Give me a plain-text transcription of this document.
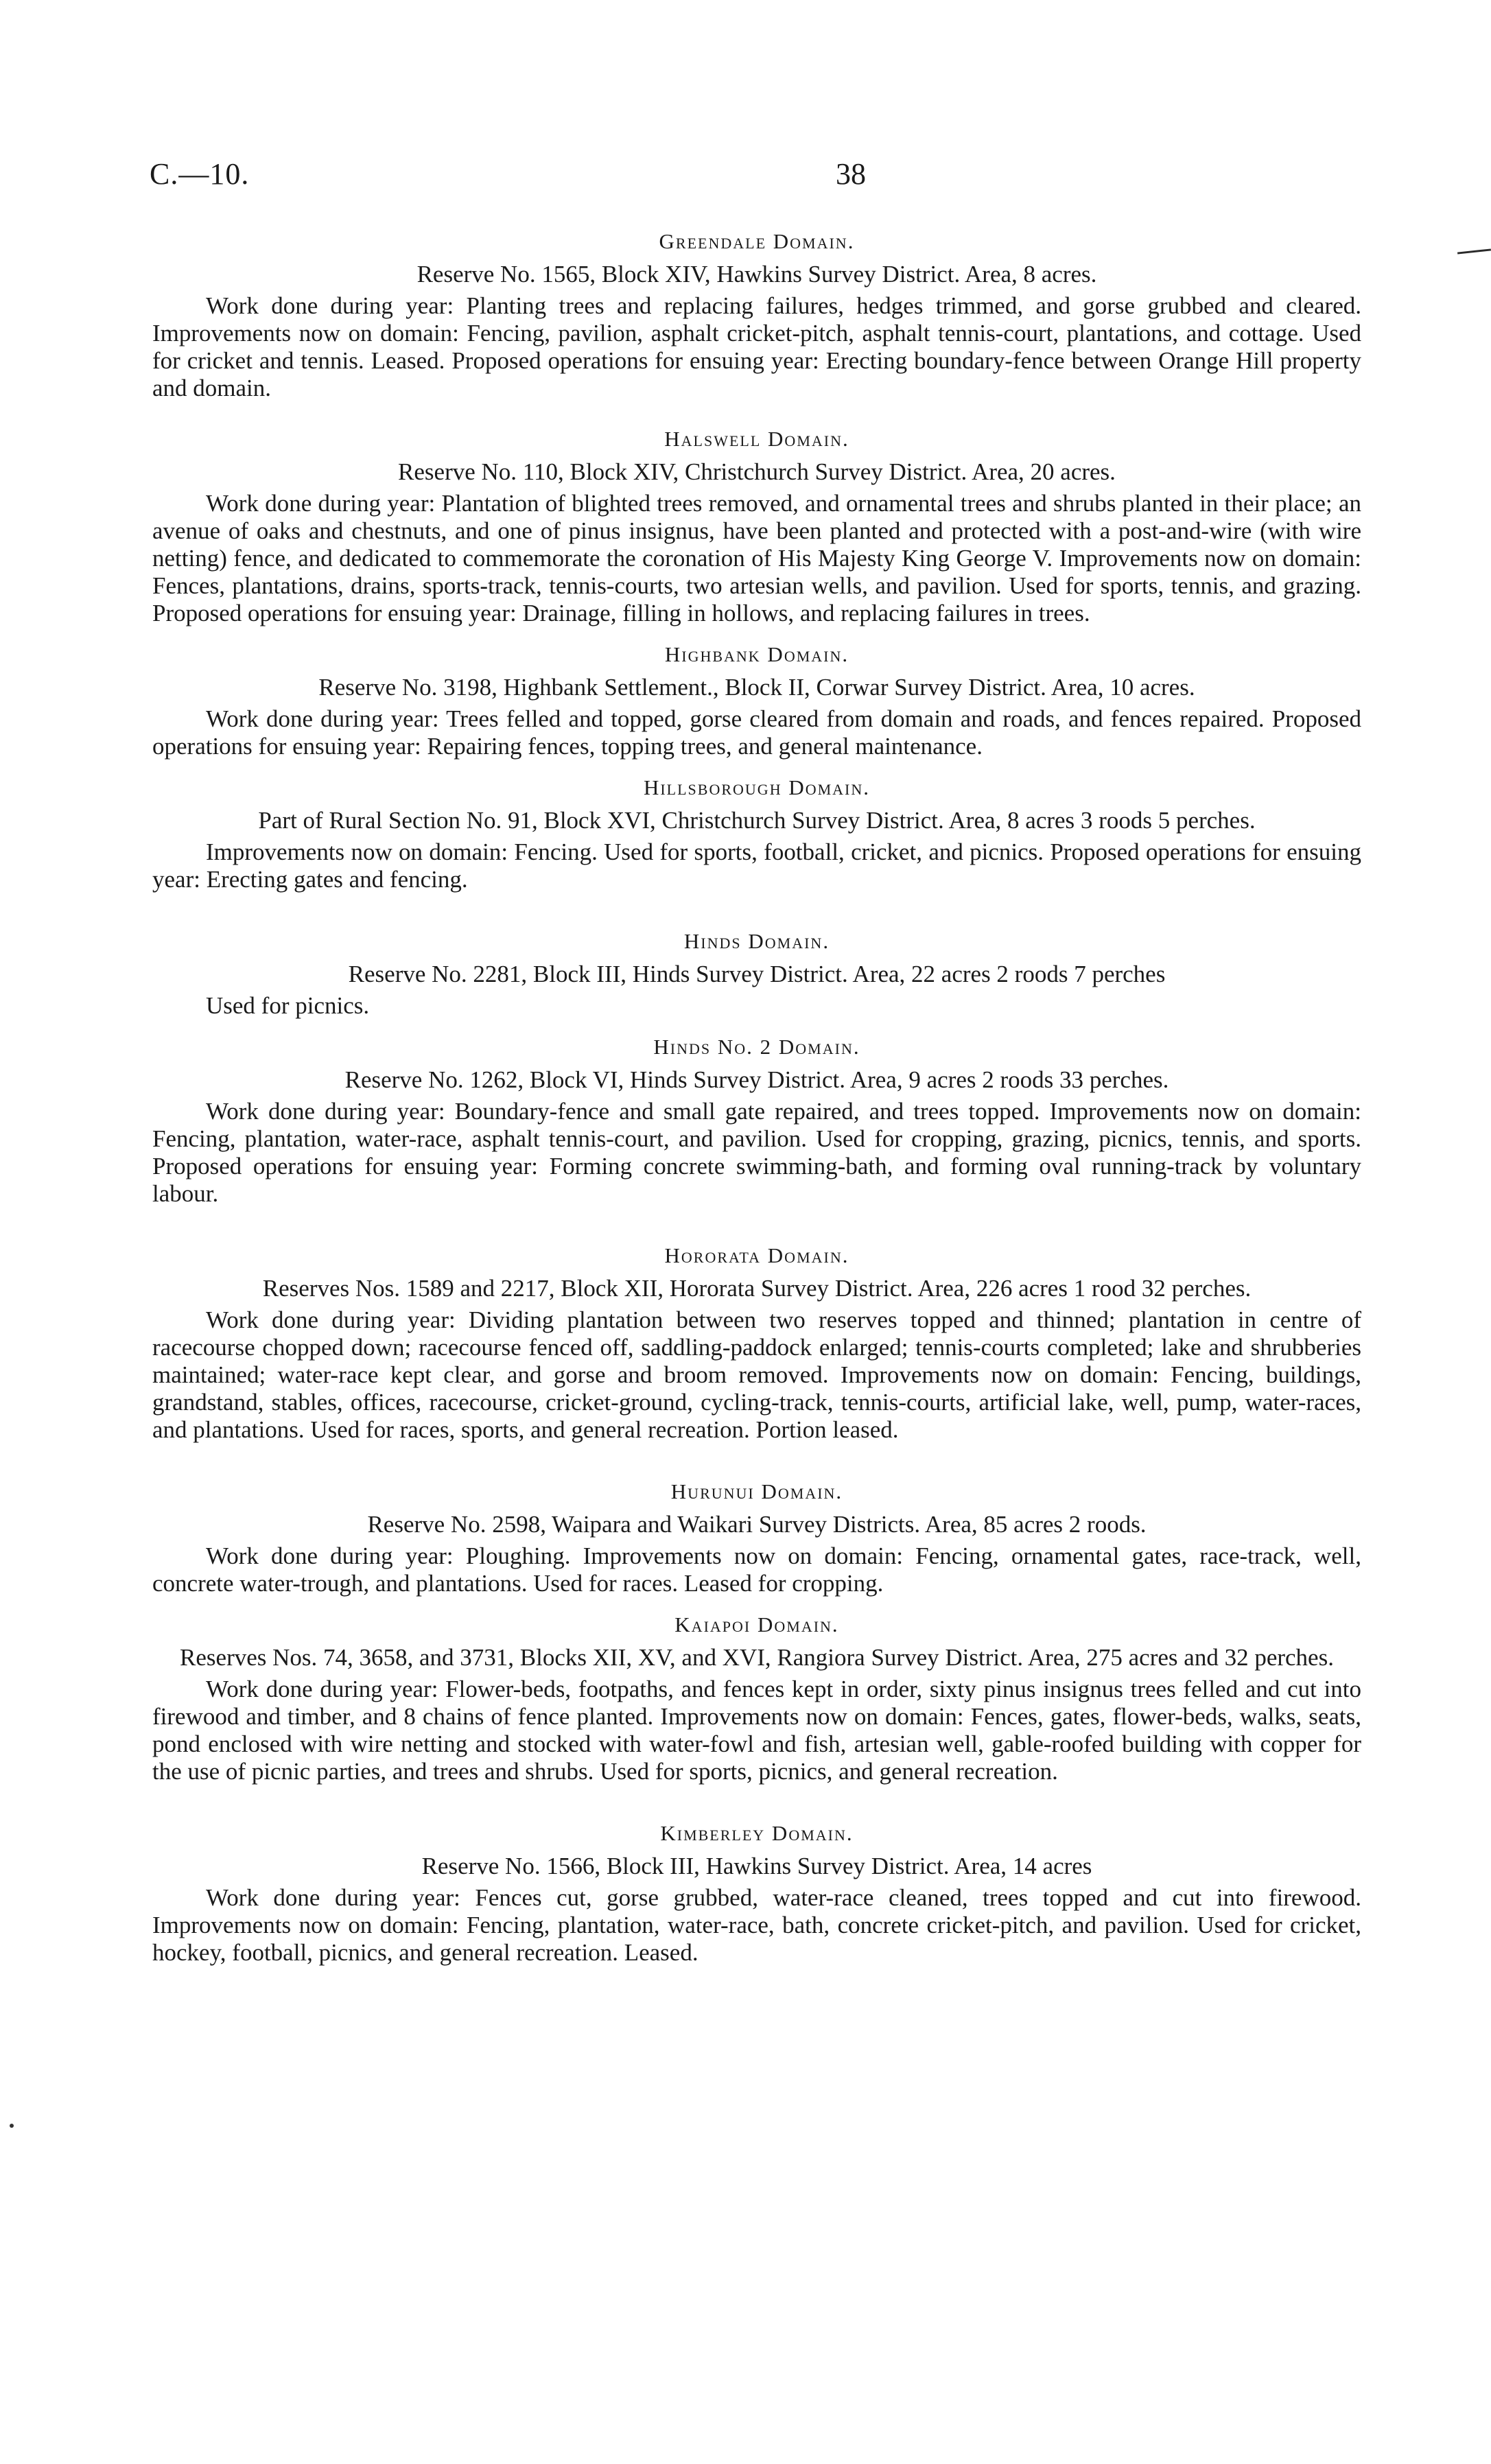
C.—10.	38
Greendale Domain.
Reserve No. 1565, Block XIV, Hawkins Survey District. Area, 8 acres.

Work done during year: Planting trees and replacing failures, hedges trimmed, and gorse grubbed and cleared. Improvements now on domain: Fencing, pavilion, asphalt cricket-pitch, asphalt tennis-court, plantations, and cottage. Used for cricket and tennis. Leased. Proposed operations for ensuing year: Erecting boundary-fence between Orange Hill property and domain.

Halswell Domain.
Reserve No. 110, Block XIV, Christchurch Survey District. Area, 20 acres.

Work done during year: Plantation of blighted trees removed, and ornamental trees and shrubs planted in their place; an avenue of oaks and chestnuts, and one of pinus insignus, have been planted and protected with a post-and-wire (with wire netting) fence, and dedicated to commemorate the coronation of His Majesty King George V. Improvements now on domain: Fences, plantations, drains, sports-track, tennis-courts, two artesian wells, and pavilion. Used for sports, tennis, and grazing. Proposed operations for ensuing year: Drainage, filling in hollows, and replacing failures in trees.

Highbank Domain.
Reserve No. 3198, Highbank Settlement., Block II, Corwar Survey District. Area, 10 acres.

Work done during year: Trees felled and topped, gorse cleared from domain and roads, and fences repaired. Proposed operations for ensuing year: Repairing fences, topping trees, and general maintenance.

Hillsborough Domain.
Part of Rural Section No. 91, Block XVI, Christchurch Survey District. Area, 8 acres 3 roods 5 perches.

Improvements now on domain: Fencing. Used for sports, football, cricket, and picnics. Proposed operations for ensuing year: Erecting gates and fencing.

Hinds Domain.
Reserve No. 2281, Block III, Hinds Survey District. Area, 22 acres 2 roods 7 perches

Used for picnics.

Hinds No. 2 Domain.
Reserve No. 1262, Block VI, Hinds Survey District. Area, 9 acres 2 roods 33 perches.

Work done during year: Boundary-fence and small gate repaired, and trees topped. Improvements now on domain: Fencing, plantation, water-race, asphalt tennis-court, and pavilion. Used for cropping, grazing, picnics, tennis, and sports. Proposed operations for ensuing year: Forming concrete swimming-bath, and forming oval running-track by voluntary labour.

Hororata Domain.
Reserves Nos. 1589 and 2217, Block XII, Hororata Survey District. Area, 226 acres 1 rood 32 perches.

Work done during year: Dividing plantation between two reserves topped and thinned; plantation in centre of racecourse chopped down; racecourse fenced off, saddling-paddock enlarged; tennis-courts completed; lake and shrubberies maintained; water-race kept clear, and gorse and broom removed. Improvements now on domain: Fencing, buildings, grandstand, stables, offices, racecourse, cricket-ground, cycling-track, tennis-courts, artificial lake, well, pump, water-races, and plantations. Used for races, sports, and general recreation. Portion leased.

Hurunui Domain.
Reserve No. 2598, Waipara and Waikari Survey Districts. Area, 85 acres 2 roods.

Work done during year: Ploughing. Improvements now on domain: Fencing, ornamental gates, race-track, well, concrete water-trough, and plantations. Used for races. Leased for cropping.

Kaiapoi Domain.
Reserves Nos. 74, 3658, and 3731, Blocks XII, XV, and XVI, Rangiora Survey District. Area, 275 acres and 32 perches.

Work done during year: Flower-beds, footpaths, and fences kept in order, sixty pinus insignus trees felled and cut into firewood and timber, and 8 chains of fence planted. Improvements now on domain: Fences, gates, flower-beds, walks, seats, pond enclosed with wire netting and stocked with water-fowl and fish, artesian well, gable-roofed building with copper for the use of picnic parties, and trees and shrubs. Used for sports, picnics, and general recreation.

Kimberley Domain.
Reserve No. 1566, Block III, Hawkins Survey District. Area, 14 acres

Work done during year: Fences cut, gorse grubbed, water-race cleaned, trees topped and cut into firewood. Improvements now on domain: Fencing, plantation, water-race, bath, concrete cricket-pitch, and pavilion. Used for cricket, hockey, football, picnics, and general recreation. Leased.
